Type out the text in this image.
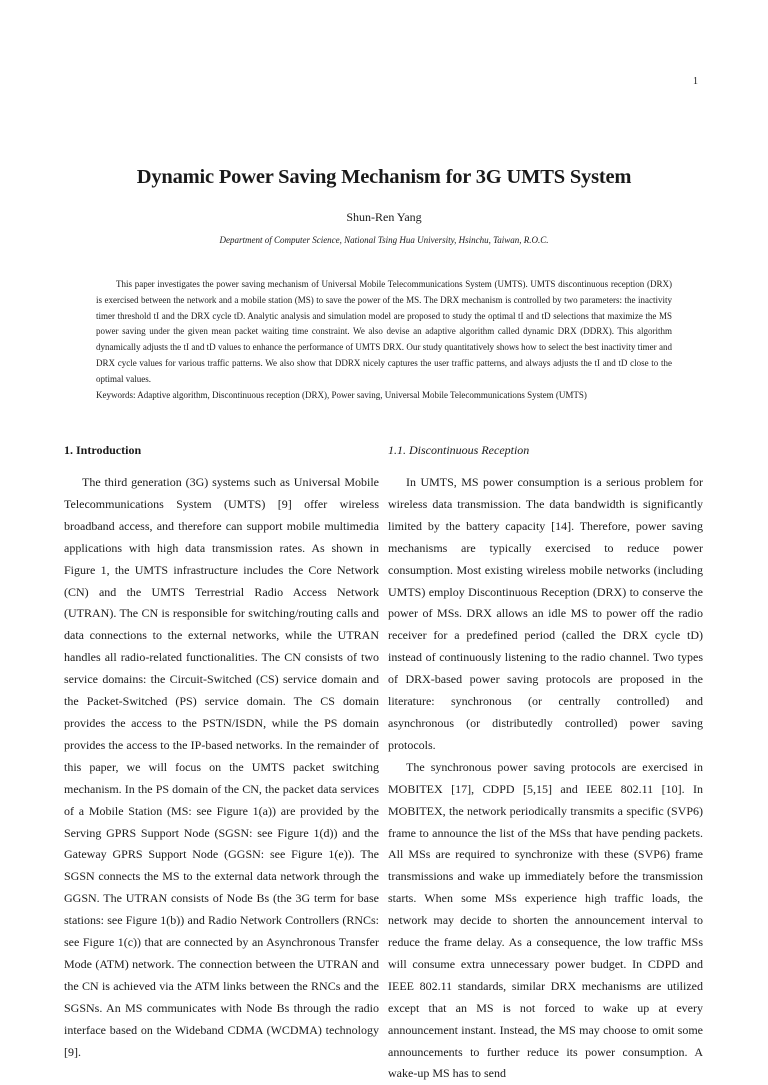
1
Dynamic Power Saving Mechanism for 3G UMTS System
Shun-Ren Yang
Department of Computer Science, National Tsing Hua University, Hsinchu, Taiwan, R.O.C.

This paper investigates the power saving mechanism of Universal Mobile Telecommunications System (UMTS). UMTS discontinuous reception (DRX) is exercised between the network and a mobile station (MS) to save the power of the MS. The DRX mechanism is controlled by two parameters: the inactivity timer threshold tI and the DRX cycle tD. Analytic analysis and simulation model are proposed to study the optimal tI and tD selections that maximize the MS power saving under the given mean packet waiting time constraint. We also devise an adaptive algorithm called dynamic DRX (DDRX). This algorithm dynamically adjusts the tI and tD values to enhance the performance of UMTS DRX. Our study quantitatively shows how to select the best inactivity timer and DRX cycle values for various traffic patterns. We also show that DDRX nicely captures the user traffic patterns, and always adjusts the tI and tD close to the optimal values.

Keywords: Adaptive algorithm, Discontinuous reception (DRX), Power saving, Universal Mobile Telecommunications System (UMTS)
1. Introduction

The third generation (3G) systems such as Universal Mobile Telecommunications System (UMTS) [9] offer wireless broadband access, and therefore can support mobile multimedia applications with high data transmission rates. As shown in Figure 1, the UMTS infrastructure includes the Core Network (CN) and the UMTS Terrestrial Radio Access Network (UTRAN). The CN is responsible for switching/routing calls and data connections to the external networks, while the UTRAN handles all radio-related functionalities. The CN consists of two service domains: the Circuit-Switched (CS) service domain and the Packet-Switched (PS) service domain. The CS domain provides the access to the PSTN/ISDN, while the PS domain provides the access to the IP-based networks. In the remainder of this paper, we will focus on the UMTS packet switching mechanism. In the PS domain of the CN, the packet data services of a Mobile Station (MS: see Figure 1(a)) are provided by the Serving GPRS Support Node (SGSN: see Figure 1(d)) and the Gateway GPRS Support Node (GGSN: see Figure 1(e)). The SGSN connects the MS to the external data network through the GGSN. The UTRAN consists of Node Bs (the 3G term for base stations: see Figure 1(b)) and Radio Network Controllers (RNCs: see Figure 1(c)) that are connected by an Asynchronous Transfer Mode (ATM) network. The connection between the UTRAN and the CN is achieved via the ATM links between the RNCs and the SGSNs. An MS communicates with Node Bs through the radio interface based on the Wideband CDMA (WCDMA) technology [9].

1.1. Discontinuous Reception

In UMTS, MS power consumption is a serious problem for wireless data transmission. The data bandwidth is significantly limited by the battery capacity [14]. Therefore, power saving mechanisms are typically exercised to reduce power consumption. Most existing wireless mobile networks (including UMTS) employ Discontinuous Reception (DRX) to conserve the power of MSs. DRX allows an idle MS to power off the radio receiver for a predefined period (called the DRX cycle tD) instead of continuously listening to the radio channel. Two types of DRX-based power saving protocols are proposed in the literature: synchronous (or centrally controlled) and asynchronous (or distributedly controlled) power saving protocols.

The synchronous power saving protocols are exercised in MOBITEX [17], CDPD [5,15] and IEEE 802.11 [10]. In MOBITEX, the network periodically transmits a specific (SVP6) frame to announce the list of the MSs that have pending packets. All MSs are required to synchronize with these (SVP6) frame transmissions and wake up immediately before the transmission starts. When some MSs experience high traffic loads, the network may decide to shorten the announcement interval to reduce the frame delay. As a consequence, the low traffic MSs will consume extra unnecessary power budget. In CDPD and IEEE 802.11 standards, similar DRX mechanisms are utilized except that an MS is not forced to wake up at every announcement instant. Instead, the MS may choose to omit some announcements to further reduce its power consumption. A wake-up MS has to send
